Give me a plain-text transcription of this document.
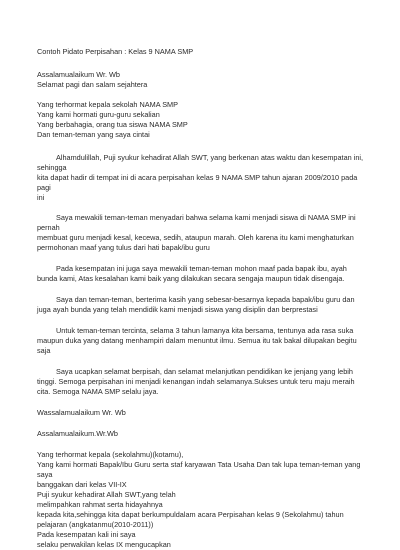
Contoh Pidato Perpisahan : Kelas 9 NAMA SMP
Assalamualaikum Wr. Wb
Selamat pagi dan salam sejahtera
Yang terhormat kepala sekolah NAMA SMP
Yang kami hormati guru-guru sekalian
Yang berbahagia, orang tua siswa NAMA SMP
Dan teman-teman yang saya cintai
Alhamdulillah, Puji syukur kehadirat Allah SWT, yang berkenan atas waktu dan kesempatan ini,
sehingga
kita dapat hadir di tempat ini di acara perpisahan kelas 9 NAMA SMP tahun ajaran 2009/2010 pada
pagi
ini
Saya mewakili teman-teman menyadari bahwa selama kami menjadi siswa di NAMA SMP ini
pernah
membuat guru menjadi kesal, kecewa, sedih, ataupun marah. Oleh karena itu kami menghaturkan
permohonan maaf yang tulus dari hati bapak/ibu guru
Pada kesempatan ini juga saya mewakili teman-teman mohon maaf pada bapak ibu, ayah
bunda kami, Atas kesalahan kami baik yang dilakukan secara sengaja maupun tidak disengaja.
Saya dan teman-teman, berterima kasih yang sebesar-besarnya kepada bapak/ibu guru dan
juga ayah bunda yang telah mendidik kami menjadi siswa yang disiplin dan berprestasi
Untuk teman-teman tercinta, selama 3 tahun lamanya kita bersama, tentunya ada rasa suka
maupun duka yang datang menhampiri dalam menuntut ilmu. Semua itu tak bakal dilupakan begitu
saja
Saya ucapkan selamat berpisah, dan selamat melanjutkan pendidikan ke jenjang yang lebih
tinggi. Semoga perpisahan ini menjadi kenangan indah selamanya.Sukses untuk teru maju meraih
cita. Semoga NAMA SMP selalu jaya.
Wassalamualaikum Wr. Wb
Assalamualaikum.Wr.Wb
Yang terhormat kepala (sekolahmu)(kotamu),
Yang kami hormati Bapak/Ibu Guru serta staf karyawan Tata Usaha Dan tak lupa teman-teman yang
saya
banggakan dari kelas VII-IX
Puji syukur kehadirat Allah SWT,yang telah
melimpahkan rahmat serta hidayahnya
kepada kita,sehingga kita dapat berkumpuldalam acara Perpisahan kelas 9 (Sekolahmu) tahun
pelajaran (angkatanmu(2010-2011))
Pada kesempatan kali ini saya
selaku perwakilan kelas IX mengucapkan
